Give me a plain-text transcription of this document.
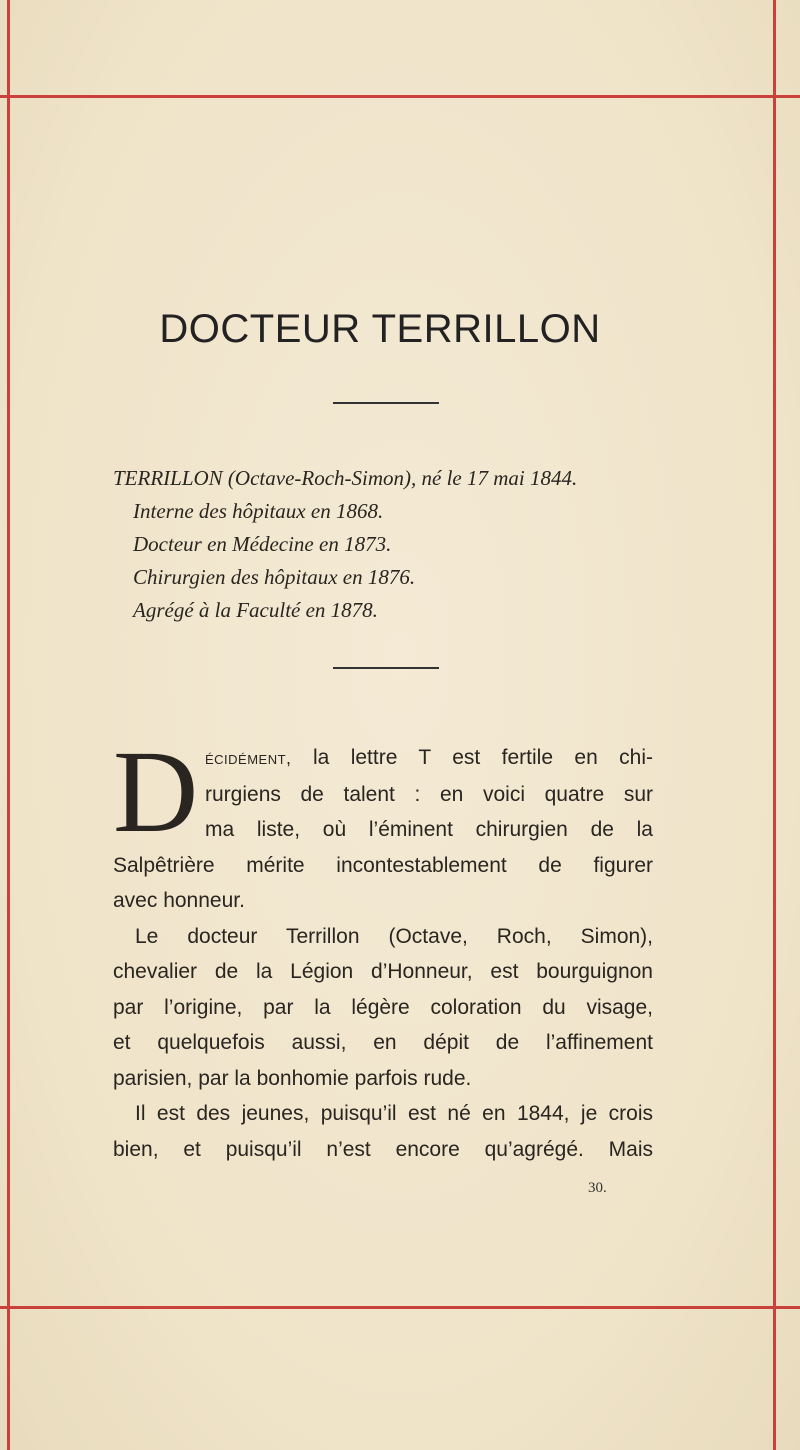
DOCTEUR TERRILLON
TERRILLON (Octave-Roch-Simon), né le 17 mai 1844.
Interne des hôpitaux en 1868.
Docteur en Médecine en 1873.
Chirurgien des hôpitaux en 1876.
Agrégé à la Faculté en 1878.
D écidément, la lettre T est fertile en chi-
rurgiens de talent : en voici quatre sur
ma liste, où l’éminent chirurgien de la
Salpêtrière mérite incontestablement de figurer
avec honneur.
Le docteur Terrillon (Octave, Roch, Simon),
chevalier de la Légion d’Honneur, est bourguignon
par l’origine, par la légère coloration du visage,
et quelquefois aussi, en dépit de l’affinement
parisien, par la bonhomie parfois rude.
Il est des jeunes, puisqu’il est né en 1844, je crois
bien, et puisqu’il n’est encore qu’agrégé. Mais
30.
